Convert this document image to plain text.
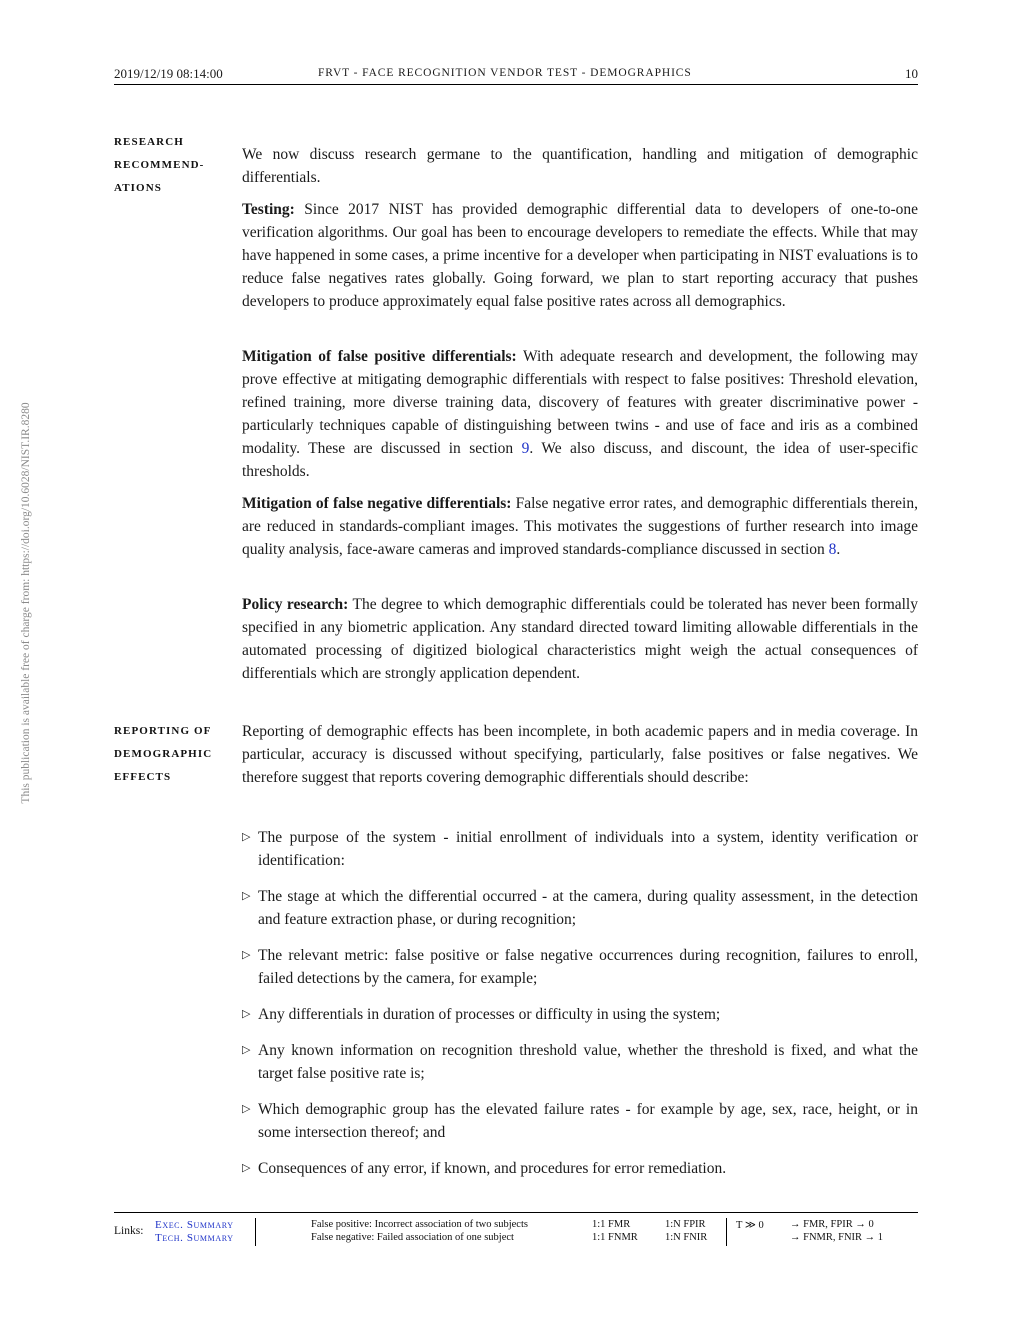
2019/12/19 08:14:00	FRVT - FACE RECOGNITION VENDOR TEST - DEMOGRAPHICS	10
This publication is available free of charge from: https://doi.org/10.6028/NIST.IR.8280
RESEARCH
RECOMMEND-
ATIONS
We now discuss research germane to the quantification, handling and mitigation of demographic differentials.
Testing: Since 2017 NIST has provided demographic differential data to developers of one-to-one verification algorithms. Our goal has been to encourage developers to remediate the effects. While that may have happened in some cases, a prime incentive for a developer when participating in NIST evaluations is to reduce false negatives rates globally. Going forward, we plan to start reporting accuracy that pushes developers to produce approximately equal false positive rates across all demographics.
Mitigation of false positive differentials: With adequate research and development, the following may prove effective at mitigating demographic differentials with respect to false positives: Threshold elevation, refined training, more diverse training data, discovery of features with greater discriminative power - particularly techniques capable of distinguishing between twins - and use of face and iris as a combined modality. These are discussed in section 9. We also discuss, and discount, the idea of user-specific thresholds.
Mitigation of false negative differentials: False negative error rates, and demographic differentials therein, are reduced in standards-compliant images. This motivates the suggestions of further research into image quality analysis, face-aware cameras and improved standards-compliance discussed in section 8.
Policy research: The degree to which demographic differentials could be tolerated has never been formally specified in any biometric application. Any standard directed toward limiting allowable differentials in the automated processing of digitized biological characteristics might weigh the actual consequences of differentials which are strongly application dependent.
REPORTING OF
DEMOGRAPHIC
EFFECTS
Reporting of demographic effects has been incomplete, in both academic papers and in media coverage. In particular, accuracy is discussed without specifying, particularly, false positives or false negatives. We therefore suggest that reports covering demographic differentials should describe:
▷ The purpose of the system - initial enrollment of individuals into a system, identity verification or identification:
▷ The stage at which the differential occurred - at the camera, during quality assessment, in the detection and feature extraction phase, or during recognition;
▷ The relevant metric: false positive or false negative occurrences during recognition, failures to enroll, failed detections by the camera, for example;
▷ Any differentials in duration of processes or difficulty in using the system;
▷ Any known information on recognition threshold value, whether the threshold is fixed, and what the target false positive rate is;
▷ Which demographic group has the elevated failure rates - for example by age, sex, race, height, or in some intersection thereof; and
▷ Consequences of any error, if known, and procedures for error remediation.
Links: Exec. Summary
Tech. Summary
False positive: Incorrect association of two subjects
False negative: Failed association of one subject
1:1 FMR
1:1 FNMR
1:N FPIR
1:N FNIR
T ≫ 0	→ FMR, FPIR → 0
→ FNMR, FNIR → 1
